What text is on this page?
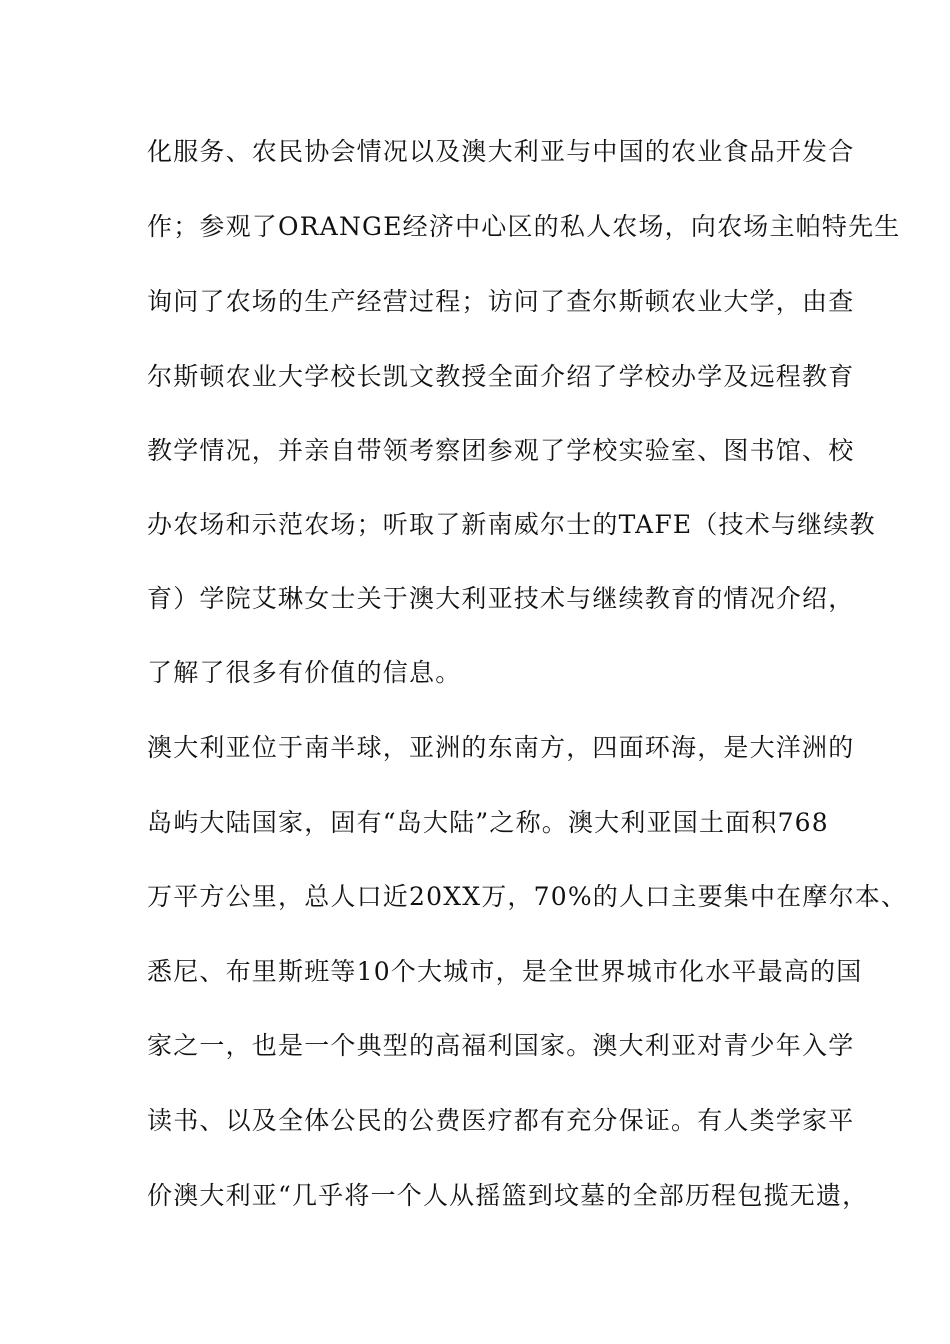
化服务、农民协会情况以及澳大利亚与中国的农业食品开发合
作；参观了ORANGE经济中心区的私人农场，向农场主帕特先生
询问了农场的生产经营过程；访问了查尔斯顿农业大学，由查
尔斯顿农业大学校长凯文教授全面介绍了学校办学及远程教育
教学情况，并亲自带领考察团参观了学校实验室、图书馆、校
办农场和示范农场；听取了新南威尔士的TAFE（技术与继续教
育）学院艾琳女士关于澳大利亚技术与继续教育的情况介绍，
了解了很多有价值的信息。
澳大利亚位于南半球，亚洲的东南方，四面环海，是大洋洲的
岛屿大陆国家，固有“岛大陆”之称。澳大利亚国土面积768
万平方公里，总人口近20XX万，70%的人口主要集中在摩尔本、
悉尼、布里斯班等10个大城市，是全世界城市化水平最高的国
家之一，也是一个典型的高福利国家。澳大利亚对青少年入学
读书、以及全体公民的公费医疗都有充分保证。有人类学家平
价澳大利亚“几乎将一个人从摇篮到坟墓的全部历程包揽无遗，
